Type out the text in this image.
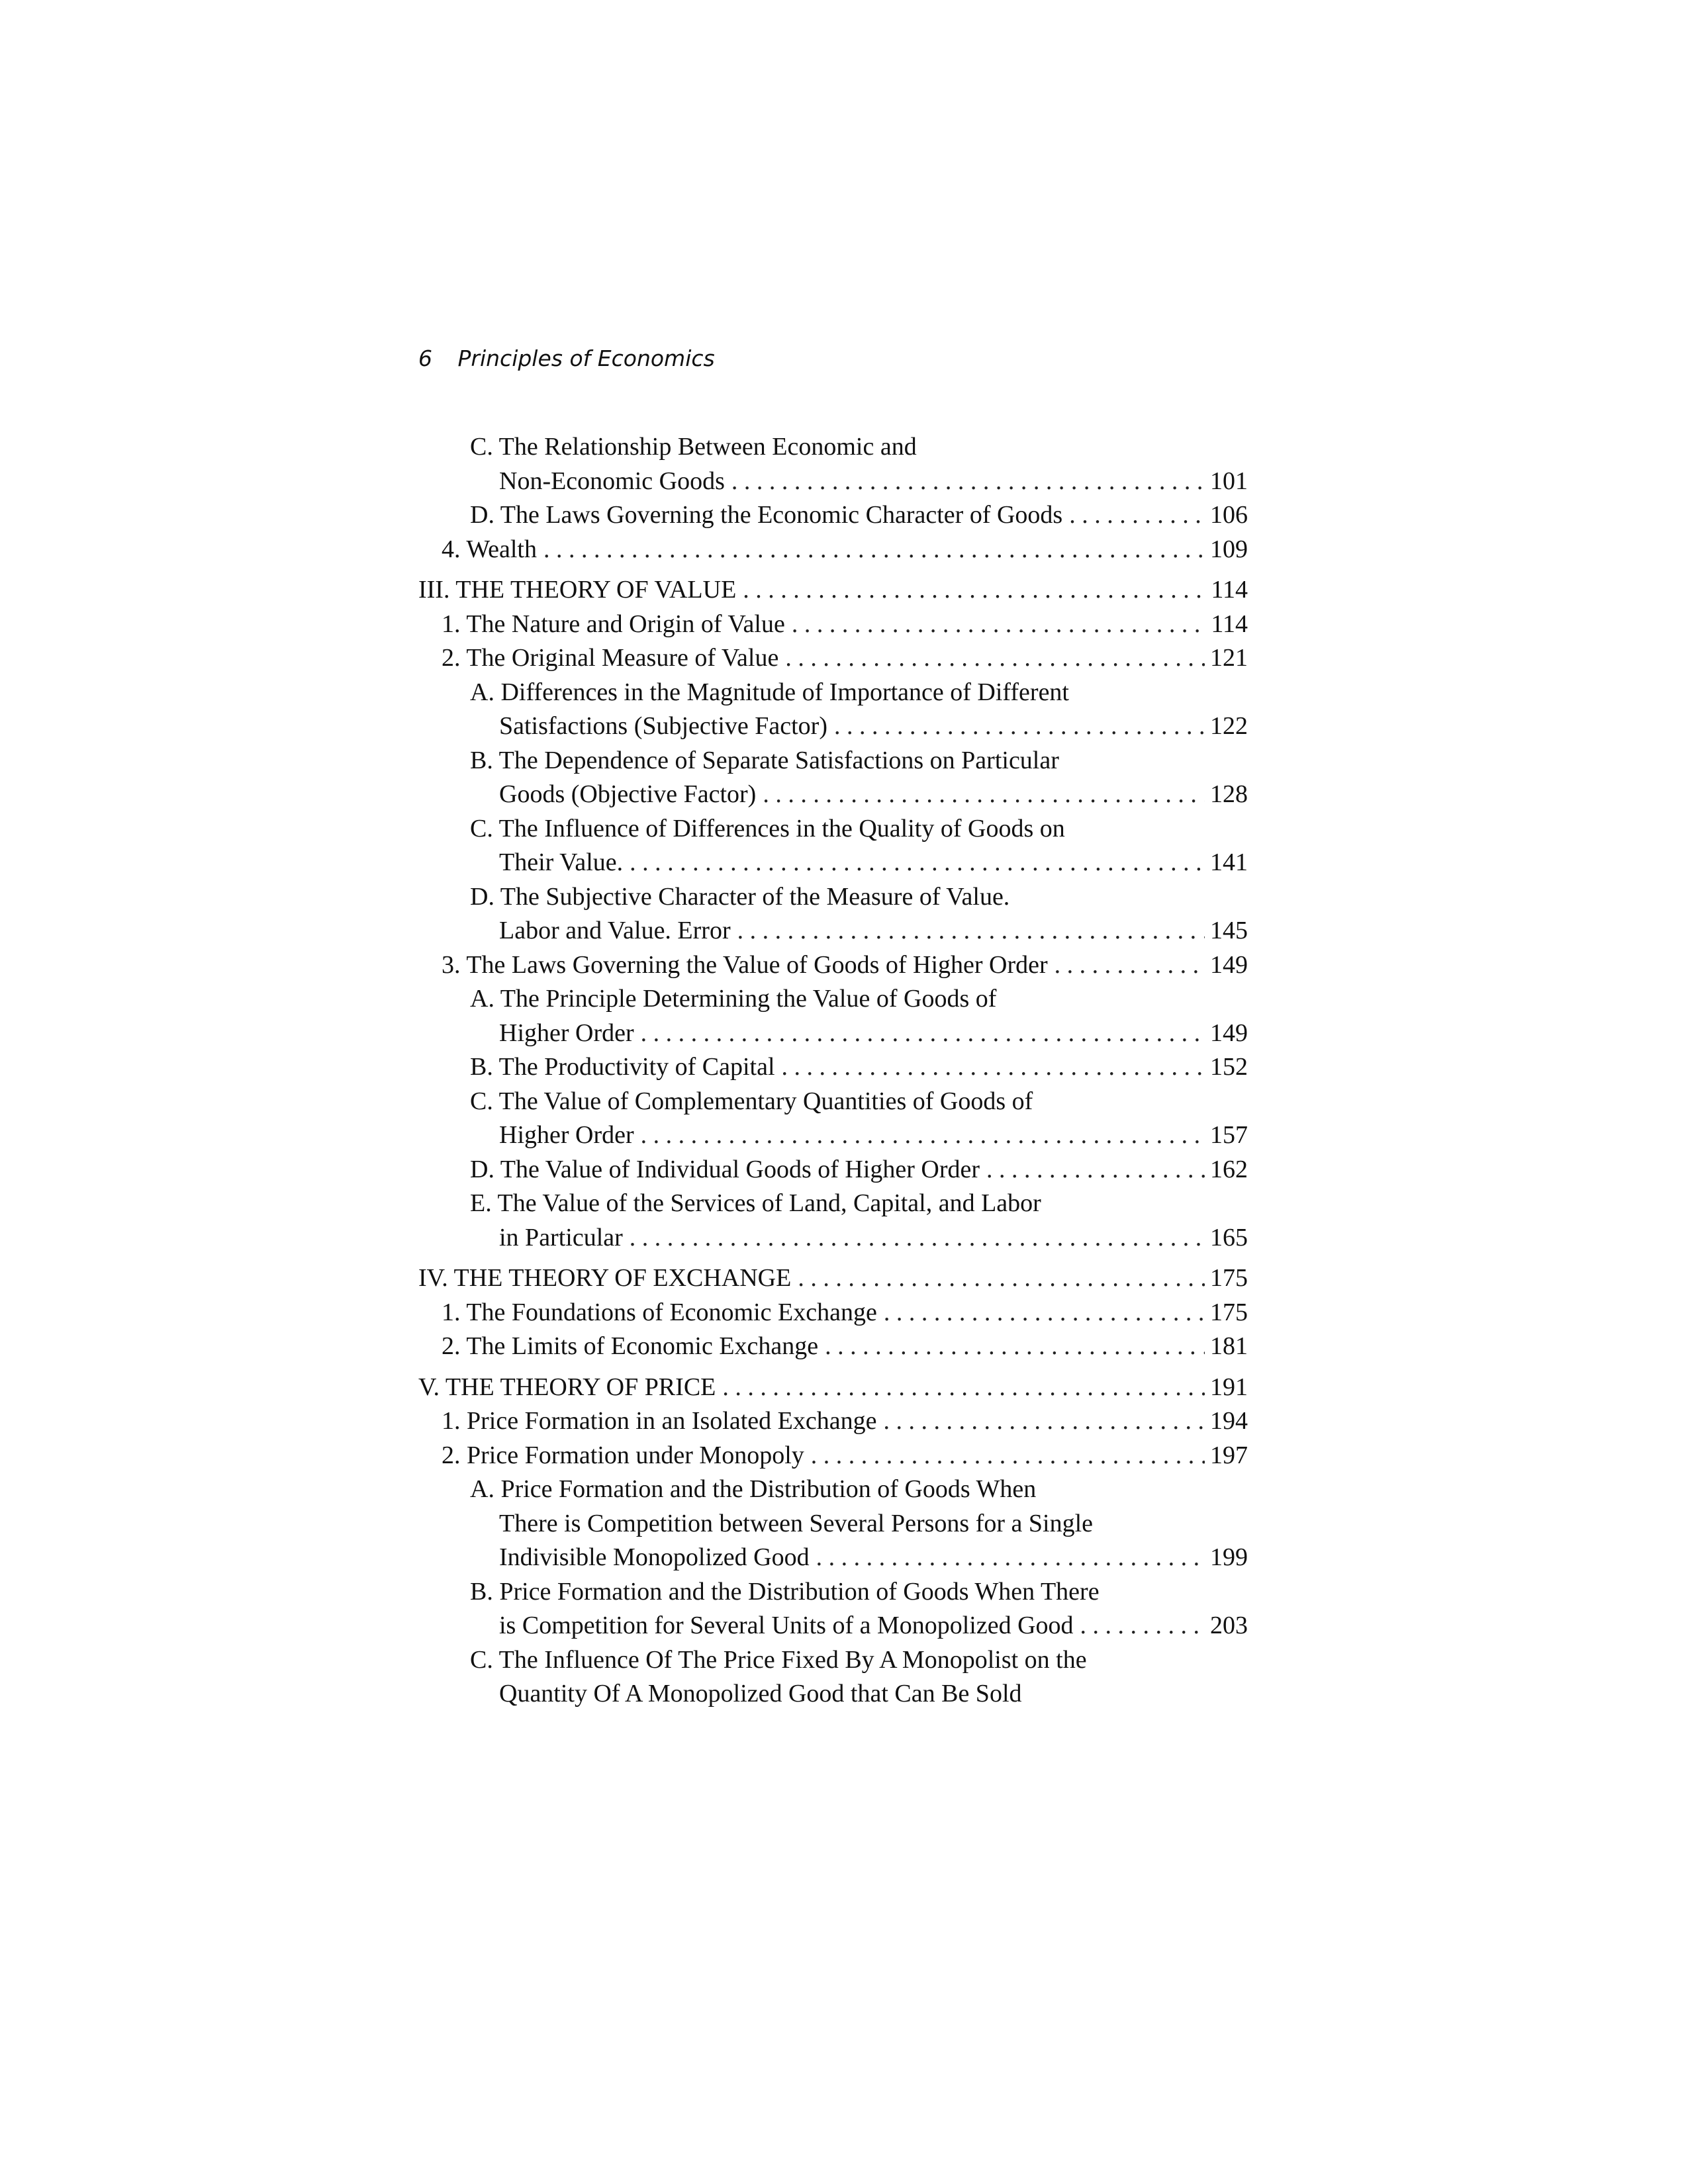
6 Principles of Economics
C. The Relationship Between Economic and
Non-Economic Goods . . .	101
D. The Laws Governing the Economic Character of Goods . . .	106
4. Wealth . . .	109
III. THE THEORY OF VALUE . . .	114
1. The Nature and Origin of Value . . .	114
2. The Original Measure of Value . . .	121
A. Differences in the Magnitude of Importance of Different
Satisfactions (Subjective Factor) . . .	122
B. The Dependence of Separate Satisfactions on Particular
Goods (Objective Factor) . . .	128
C. The Influence of Differences in the Quality of Goods on
Their Value. . . .	141
D. The Subjective Character of the Measure of Value.
Labor and Value. Error . . .	145
3. The Laws Governing the Value of Goods of Higher Order . . .	149
A. The Principle Determining the Value of Goods of
Higher Order . . .	149
B. The Productivity of Capital . . .	152
C. The Value of Complementary Quantities of Goods of
Higher Order . . .	157
D. The Value of Individual Goods of Higher Order . . .	162
E. The Value of the Services of Land, Capital, and Labor
in Particular . . .	165
IV. THE THEORY OF EXCHANGE . . .	175
1. The Foundations of Economic Exchange . . .	175
2. The Limits of Economic Exchange . . .	181
V. THE THEORY OF PRICE . . .	191
1. Price Formation in an Isolated Exchange . . .	194
2. Price Formation under Monopoly . . .	197
A. Price Formation and the Distribution of Goods When
There is Competition between Several Persons for a Single
Indivisible Monopolized Good . . .	199
B. Price Formation and the Distribution of Goods When There
is Competition for Several Units of a Monopolized Good . . .	203
C. The Influence Of The Price Fixed By A Monopolist on the
Quantity Of A Monopolized Good that Can Be Sold
